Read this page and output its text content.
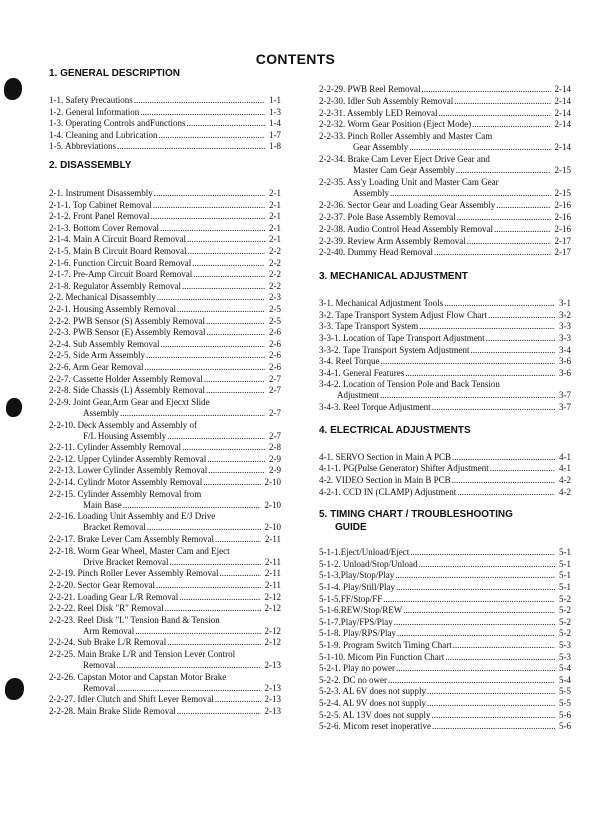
CONTENTS
1. GENERAL DESCRIPTION
1-1. Safety Precautions .....	1-1
1-2. General Information .....	1-3
1-3. Operating Controls andFunctions .....	1-4
1-4. Cleaning and Lubrication .....	1-7
1-5. Abbreviations .....	1-8
2. DISASSEMBLY
2-1. Instrument Disassembly .....	2-1
2-1-1. Top Cabinet Removal .....	2-1
2-1-2. Front Panel Removal .....	2-1
2-1-3. Bottom Cover Removal .....	2-1
2-1-4. Main A Circuit Board Removal .....	2-1
2-1-5. Main B Circuit Board Removal .....	2-2
2-1-6. Function Circuit Board Removal .....	2-2
2-1-7. Pre-Amp Circuit Board Removal .....	2-2
2-1-8. Regulator Assembly Removal .....	2-2
2-2. Mechanical Disassembly .....	2-3
2-2-1. Housing Assembly Removal .....	2-5
2-2-2. PWB Sensor (S) Assembly Removal .....	2-5
2-2-3. PWB Sensor (E) Assembly Removal .....	2-6
2-2-4. Sub Assembly Removal .....	2-6
2-2-5. Side Arm Assembly .....	2-6
2-2-6. Arm Gear Removal .....	2-6
2-2-7. Cassette Holder Assembly Removal .....	2-7
2-2-8. Side Chassis (L) Assembly Removal .....	2-7
2-2-9. Joint Gear,Arm Gear and Ejecxt Slide
Assembly .....	2-7
2-2-10. Deck Assembly and Assembly of
F/L Housing Assembly .....	2-7
2-2-11. Cylinder Assembly Removal .....	2-8
2-2-12. Upper Cylinder Assembly Removal .....	2-9
2-2-13. Lower Cylinder Assembly Removal .....	2-9
2-2-14. Cylindr Motor Assembly Removal .....	2-10
2-2-15. Cylinder Assembly Removal from
Main Base .....	2-10
2-2-16. Loading Unit Assembly and E/J Drive
Bracket Removal .....	2-10
2-2-17. Brake Lever Cam Assembly Removal .....	2-11
2-2-18. Worm Gear Wheel, Master Cam and Eject
Drive Bracket Removal .....	2-11
2-2-19. Pinch Roller Lever Assembly Removal .....	2-11
2-2-20. Sector Gear Removal .....	2-11
2-2-21. Loading Gear L/R Removal .....	2-12
2-2-22. Reel Disk "R" Removal .....	2-12
2-2-23. Reel Disk "L" Tension Band & Tension
Arm Removal .....	2-12
2-2-24. Sub Brake L/R Removal .....	2-12
2-2-25. Main Brake L/R and Tension Lever Control
Removal .....	2-13
2-2-26. Capstan Motor and Capstan Motor Brake
Removal .....	2-13
2-2-27. Idler Clutch and Shift Lever Removal .....	2-13
2-2-28. Main Brake Slide Removal .....	2-13
2-2-29. PWB Reel Removal .....	2-14
2-2-30. Idler Sub Assembly Removal .....	2-14
2-2-31. Assembly LED Removal .....	2-14
2-2-32. Worm Gear Position (Eject Mode) .....	2-14
2-2-33. Pinch Roller Assembly and Master Cam
Gear Assembly .....	2-14
2-2-34. Brake Cam Lever Eject Drive Gear and
Master Cam Gear Assembly .....	2-15
2-2-35. Ass'y Loading Unit and Master Cam Gear
Assembly .....	2-15
2-2-36. Sector Gear and Loading Gear Assembly .....	2-16
2-2-37. Pole Base Assembly Removal .....	2-16
2-2-38. Audio Control Head Assembly Removal .....	2-16
2-2-39. Review Arm Assembly Removal .....	2-17
2-2-40. Dummy Head Removal .....	2-17
3. MECHANICAL ADJUSTMENT
3-1. Mechanical Adjustment Tools .....	3-1
3-2. Tape Transport System Adjust Flow Chart .....	3-2
3-3. Tape Transport System .....	3-3
3-3-1. Location of Tape Transport Adjustment .....	3-3
3-3-2. Tape Transport System Adjustment .....	3-4
3-4. Reel Torque .....	3-6
3-4-1. General Features .....	3-6
3-4-2. Location of Tension Pole and Back Tension
Adjustment .....	3-7
3-4-3. Reel Torque Adjustment .....	3-7
4. ELECTRICAL ADJUSTMENTS
4-1. SERVO Section in Main A PCB .....	4-1
4-1-1. PG(Pulse Generator) Shifter Adjustment .....	4-1
4-2. VIDEO Section in Main B PCB .....	4-2
4-2-1. CCD IN (CLAMP) Adjustment .....	4-2
5. TIMING CHART / TROUBLESHOOTING
GUIDE
5-1-1.Eject/Unload/Eject .....	5-1
5-1-2. Unload/Stop/Unload .....	5-1
5-1-3.Play/Stop/Play .....	5-1
5-1-4. Play/Still/Play .....	5-1
5-1-5.FF/Stop/FF .....	5-2
5-1-6.REW/Stop/REW .....	5-2
5-1-7.Play/FPS/Play .....	5-2
5-1-8. Play/RPS/Play .....	5-2
5-1-9. Program Switch Timing Chart .....	5-3
5-1-10. Micom Pin Function Chart .....	5-3
5-2-1. Play no power .....	5-4
5-2-2. DC no ower .....	5-4
5-2-3. AL 6V does not supply .....	5-5
5-2-4. AL 9V does not supply .....	5-5
5-2-5. AL 13V does not supply .....	5-6
5-2-6. Micom reset inoperative .....	5-6
